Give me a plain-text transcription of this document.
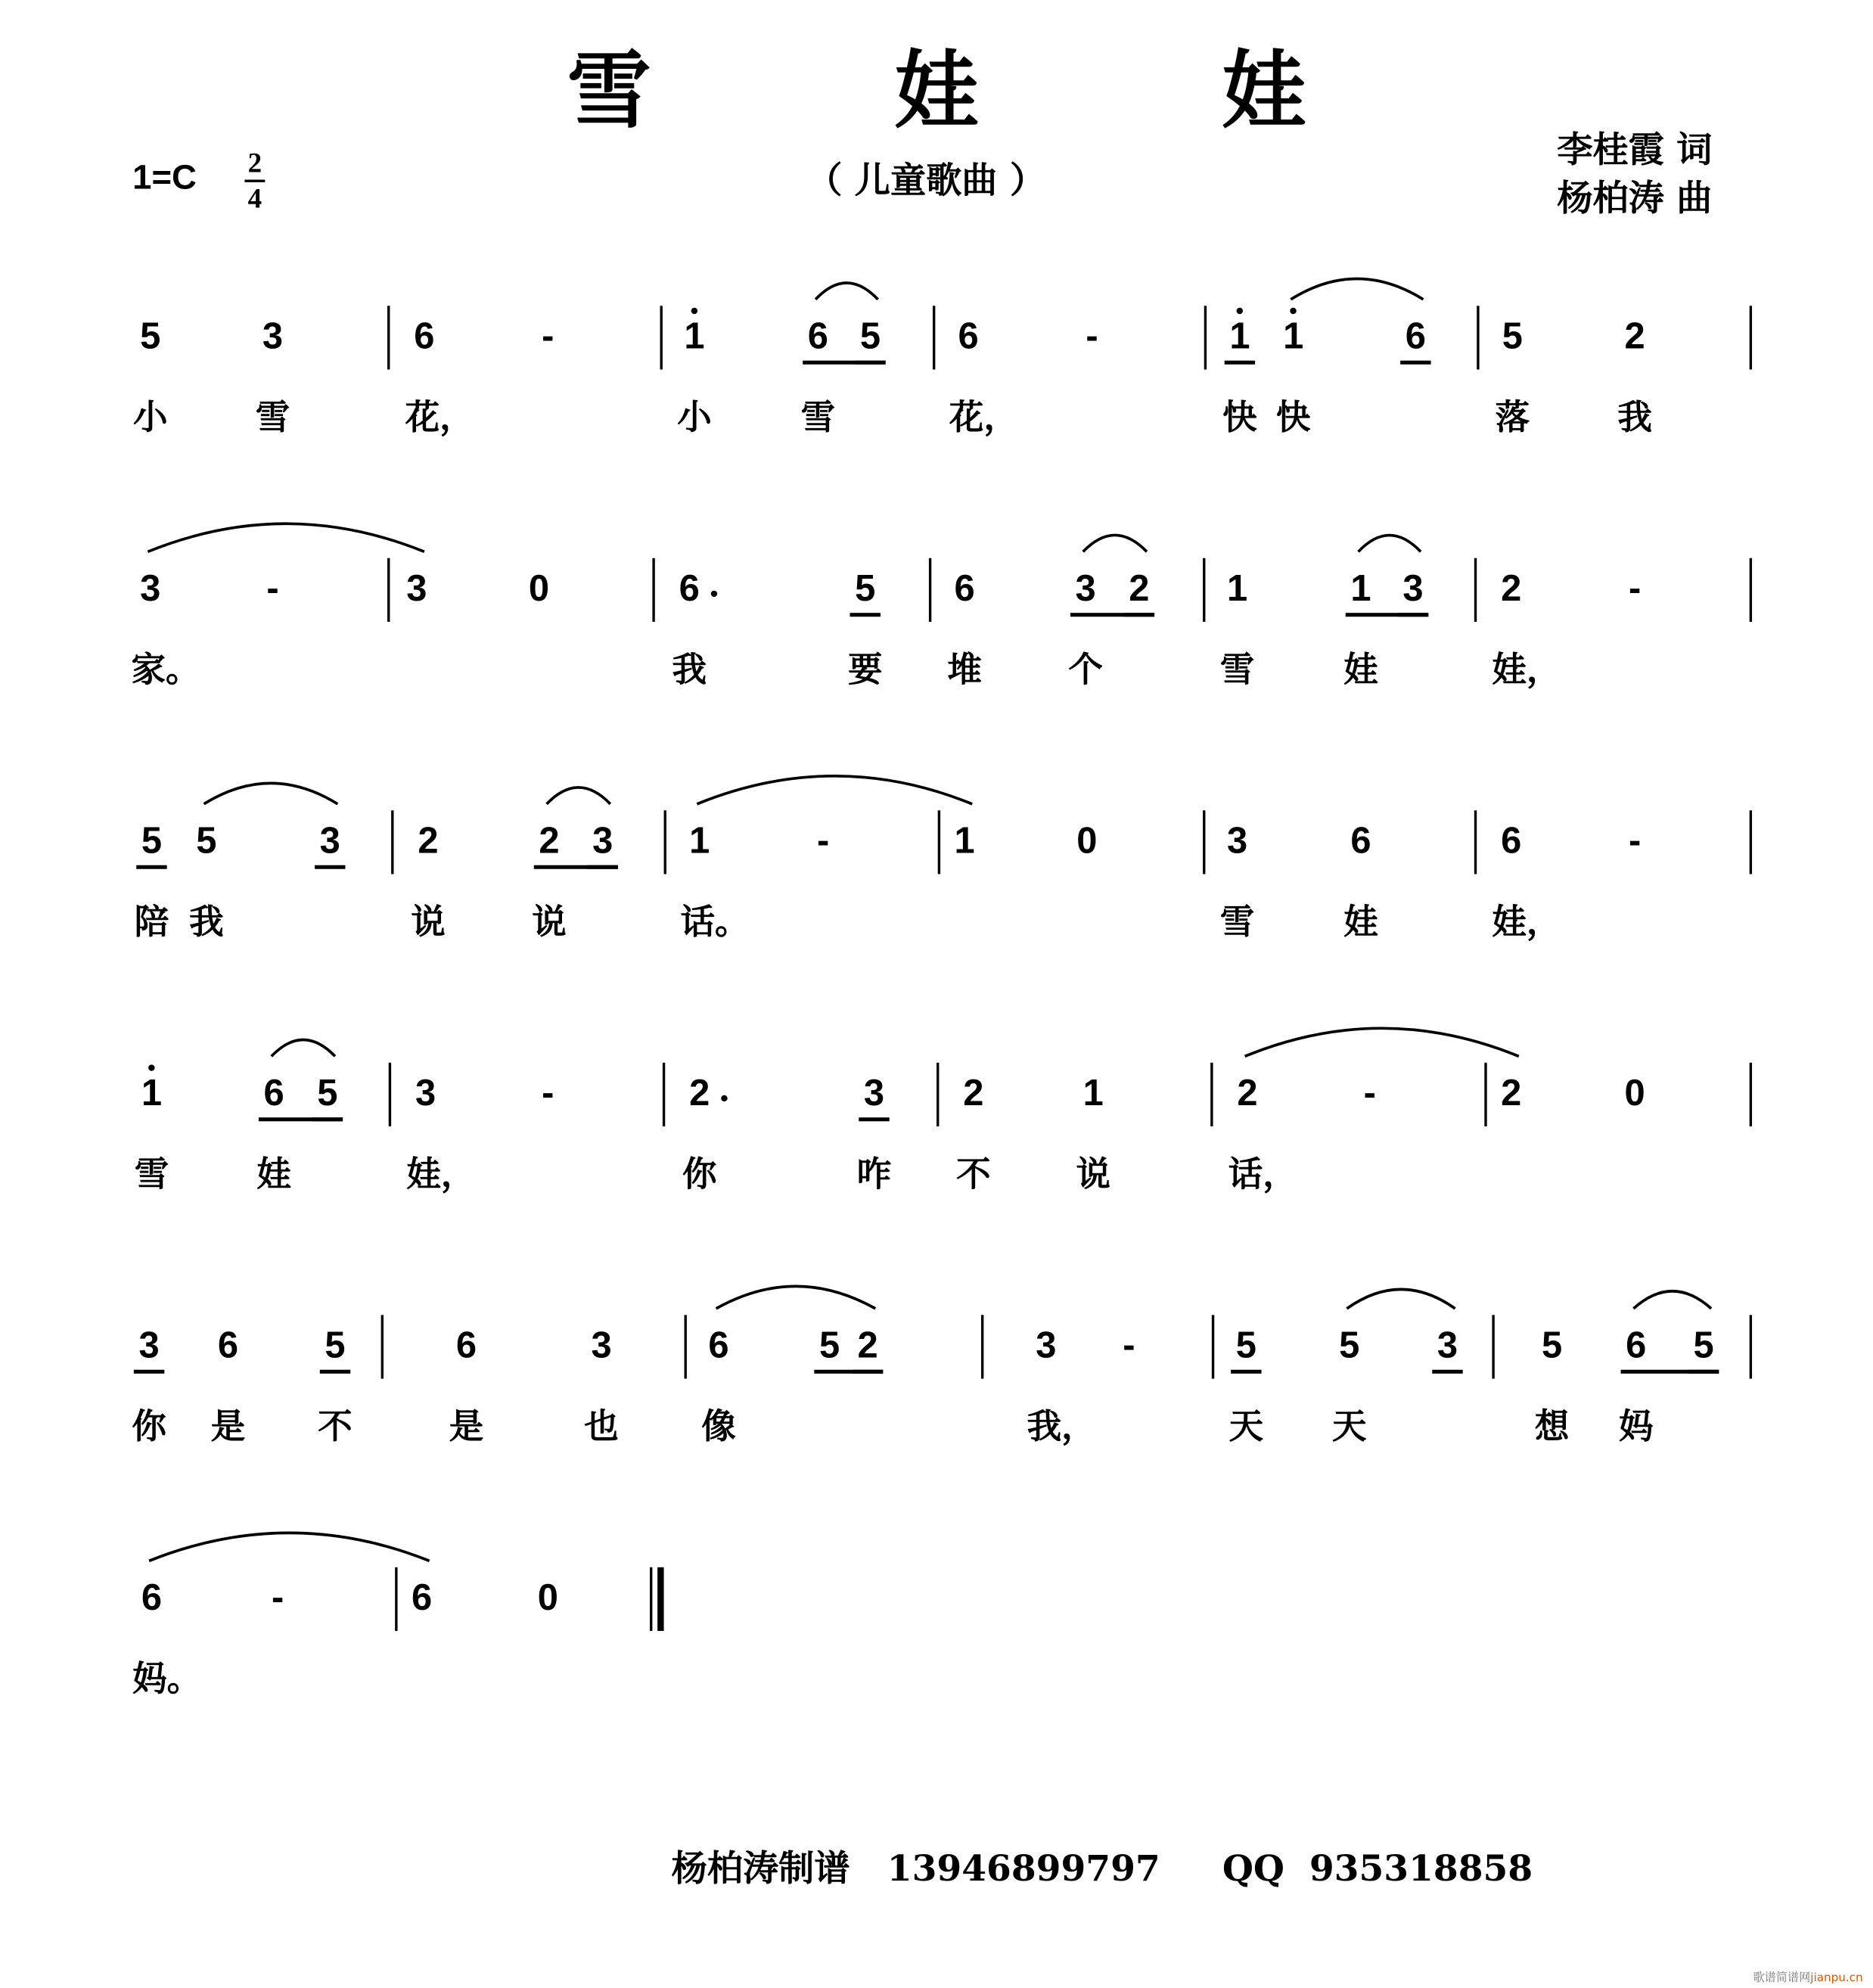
雪 娃 娃
1=C	2
4	（ 儿童歌曲 ）
李桂霞 词
杨柏涛 曲
5	3	6	-	1	6 5	6	-	1 1	6	5	2
小	雪	花，	小	雪	花，	快 快	落	我
3	-	3	0	6	5	6	3 2	1	1 3	2	-
家。	我	要	堆	个	雪	娃	娃，
5 5	3	2	2 3	1	-	1	0	3	6	6	-
陪 我	说	说	话。	雪	娃	娃，
1	6 5	3	-	2	3	2	1	2	-	2	0
雪	娃	娃，	你	咋	不	说	话，
3	6	5	6	3	6	5 2	3	-	5	5	3	5	6 5
你 是	不	是	也	像	我，	天	天	想 妈
6	-	6	0
妈。
杨柏涛制谱   13946899797     QQ  935318858
歌谱简谱网jianpu.cn
